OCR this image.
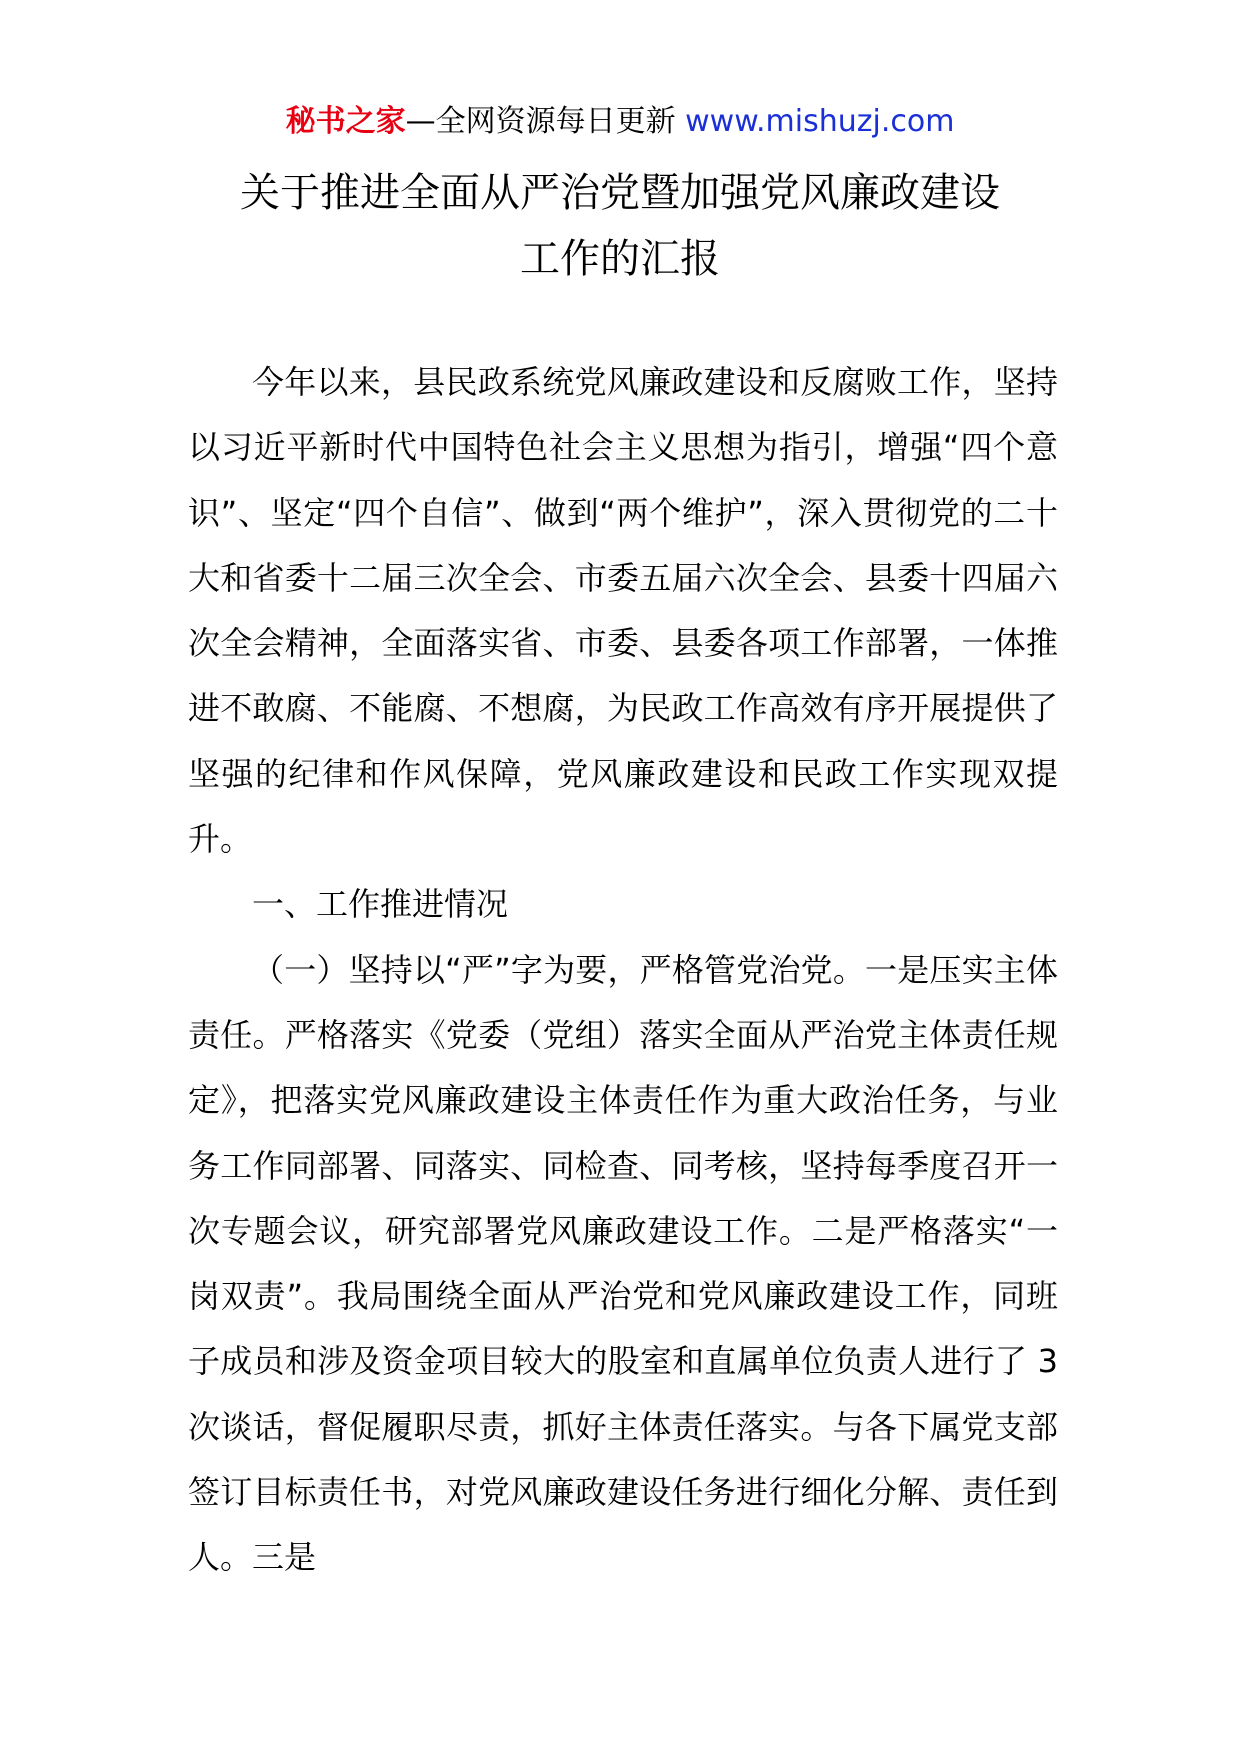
秘书之家—全网资源每日更新 www.mishuzj.com
关于推进全面从严治党暨加强党风廉政建设
工作的汇报

今年以来，县民政系统党风廉政建设和反腐败工作，坚持以习近平新时代中国特色社会主义思想为指引，增强“四个意识”、坚定“四个自信”、做到“两个维护”，深入贯彻党的二十大和省委十二届三次全会、市委五届六次全会、县委十四届六次全会精神，全面落实省、市委、县委各项工作部署，一体推进不敢腐、不能腐、不想腐，为民政工作高效有序开展提供了坚强的纪律和作风保障，党风廉政建设和民政工作实现双提升。

一、工作推进情况

（一）坚持以“严”字为要，严格管党治党。一是压实主体责任。严格落实《党委（党组）落实全面从严治党主体责任规定》，把落实党风廉政建设主体责任作为重大政治任务，与业务工作同部署、同落实、同检查、同考核，坚持每季度召开一次专题会议，研究部署党风廉政建设工作。二是严格落实“一岗双责”。我局围绕全面从严治党和党风廉政建设工作，同班子成员和涉及资金项目较大的股室和直属单位负责人进行了 3 次谈话，督促履职尽责，抓好主体责任落实。与各下属党支部签订目标责任书，对党风廉政建设任务进行细化分解、责任到人。三是
